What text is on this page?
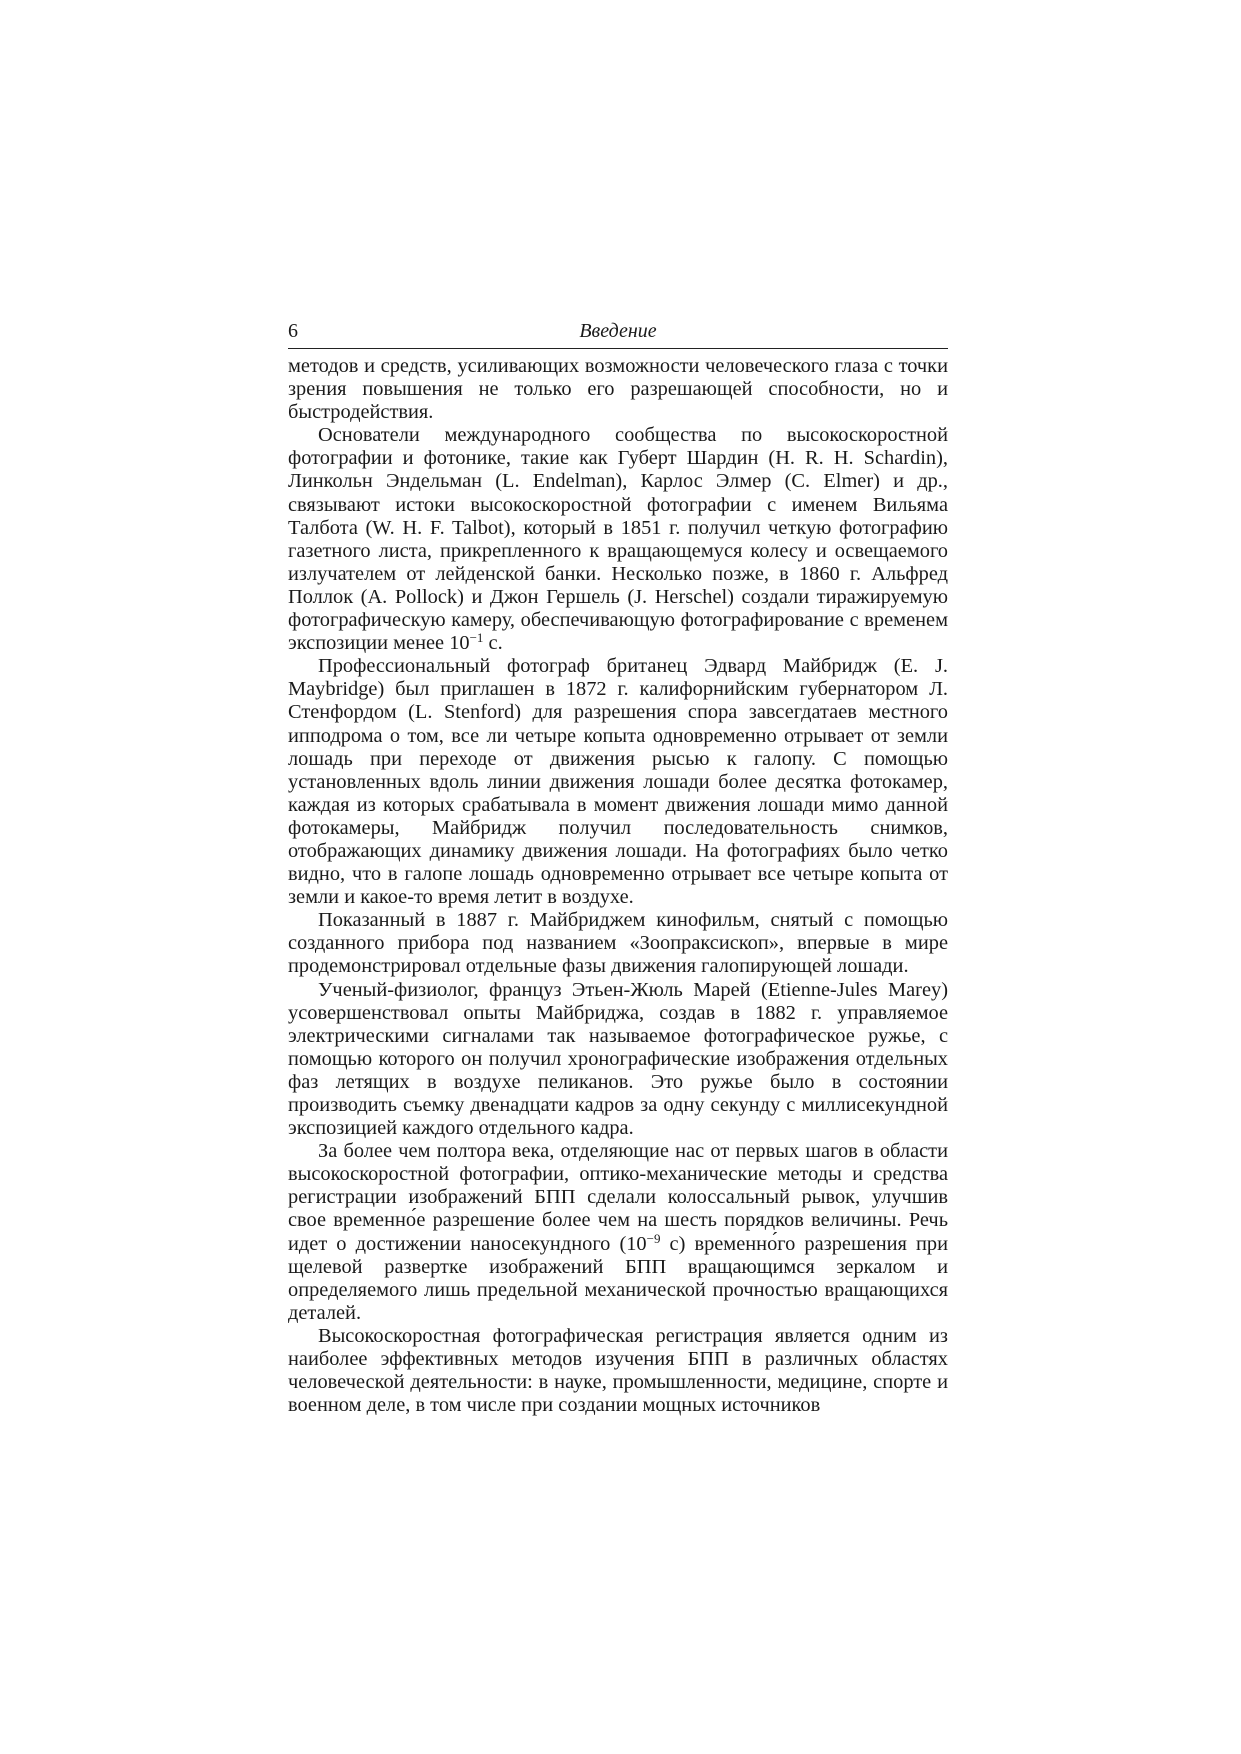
6	Введение

методов и средств, усиливающих возможности человеческого глаза с точки зрения повышения не только его разрешающей способности, но и быстродействия.

Основатели международного сообщества по высокоскоростной фотографии и фотонике, такие как Губерт Шардин (H. R. H. Schardin), Линкольн Эндельман (L. Endelman), Карлос Элмер (C. Elmer) и др., связывают истоки высокоскоростной фотографии с именем Вильяма Талбота (W. H. F. Talbot), который в 1851 г. получил четкую фотографию газетного листа, прикрепленного к вращающемуся колесу и освещаемого излучателем от лейденской банки. Несколько позже, в 1860 г. Альфред Поллок (A. Pollock) и Джон Гершель (J. Herschel) создали тиражируемую фотографическую камеру, обеспечивающую фотографирование с временем экспозиции менее $10^{-1}$ с.

Профессиональный фотограф британец Эдвард Майбридж (E. J. Maybridge) был приглашен в 1872 г. калифорнийским губернатором Л. Стенфордом (L. Stenford) для разрешения спора завсегдатаев местного ипподрома о том, все ли четыре копыта одновременно отрывает от земли лошадь при переходе от движения рысью к галопу. С помощью установленных вдоль линии движения лошади более десятка фотокамер, каждая из которых срабатывала в момент движения лошади мимо данной фотокамеры, Майбридж получил последовательность снимков, отображающих динамику движения лошади. На фотографиях было четко видно, что в галопе лошадь одновременно отрывает все четыре копыта от земли и какое-то время летит в воздухе.

Показанный в 1887 г. Майбриджем кинофильм, снятый с помощью созданного прибора под названием «Зоопраксископ», впервые в мире продемонстрировал отдельные фазы движения галопирующей лошади.

Ученый-физиолог, француз Этьен-Жюль Марей (Etienne-Jules Marey) усовершенствовал опыты Майбриджа, создав в 1882 г. управляемое электрическими сигналами так называемое фотографическое ружье, с помощью которого он получил хронографические изображения отдельных фаз летящих в воздухе пеликанов. Это ружье было в состоянии производить съемку двенадцати кадров за одну секунду с миллисекундной экспозицией каждого отдельного кадра.

За более чем полтора века, отделяющие нас от первых шагов в области высокоскоростной фотографии, оптико-механические методы и средства регистрации изображений БПП сделали колоссальный рывок, улучшив свое временно́е разрешение более чем на шесть порядков величины. Речь идет о достижении наносекундного ($10^{-9}$ с) временно́го разрешения при щелевой развертке изображений БПП вращающимся зеркалом и определяемого лишь предельной механической прочностью вращающихся деталей.

Высокоскоростная фотографическая регистрация является одним из наиболее эффективных методов изучения БПП в различных областях человеческой деятельности: в науке, промышленности, медицине, спорте и военном деле, в том числе при создании мощных источников
